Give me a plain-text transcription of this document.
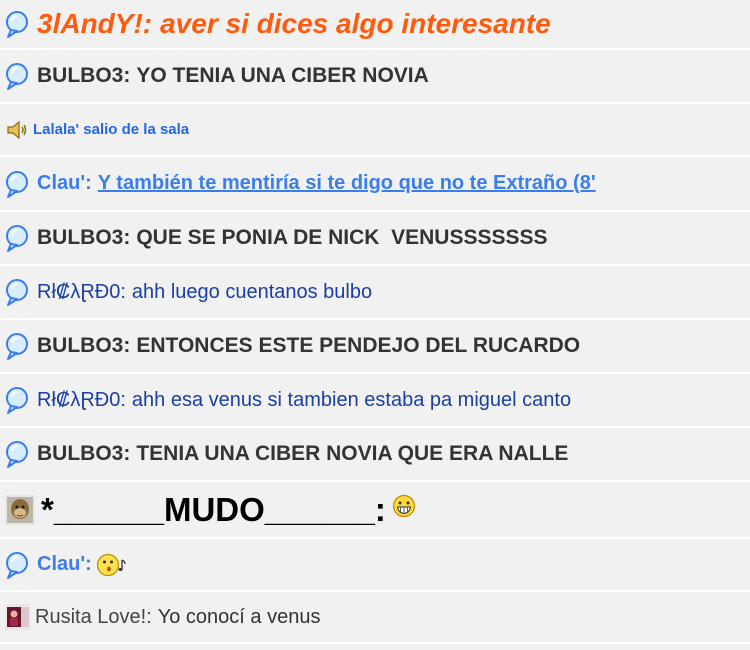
3lAndY!: aver si dices algo interesante
BULBO3: YO TENIA UNA CIBER NOVIA
Lalala' salio de la sala
Clau': Y también te mentiría si te digo que no te Extraño (8'
BULBO3: QUE SE PONIA DE NICK  VENUSSSSSSS
Rł₡λⱤĐ0: ahh luego cuentanos bulbo
BULBO3: ENTONCES ESTE PENDEJO DEL RUCARDO
Rł₡λⱤĐ0: ahh esa venus si tambien estaba pa miguel canto
BULBO3: TENIA UNA CIBER NOVIA QUE ERA NALLE
*______MUDO______:
Clau':
Rusita Love!: Yo conocí a venus
